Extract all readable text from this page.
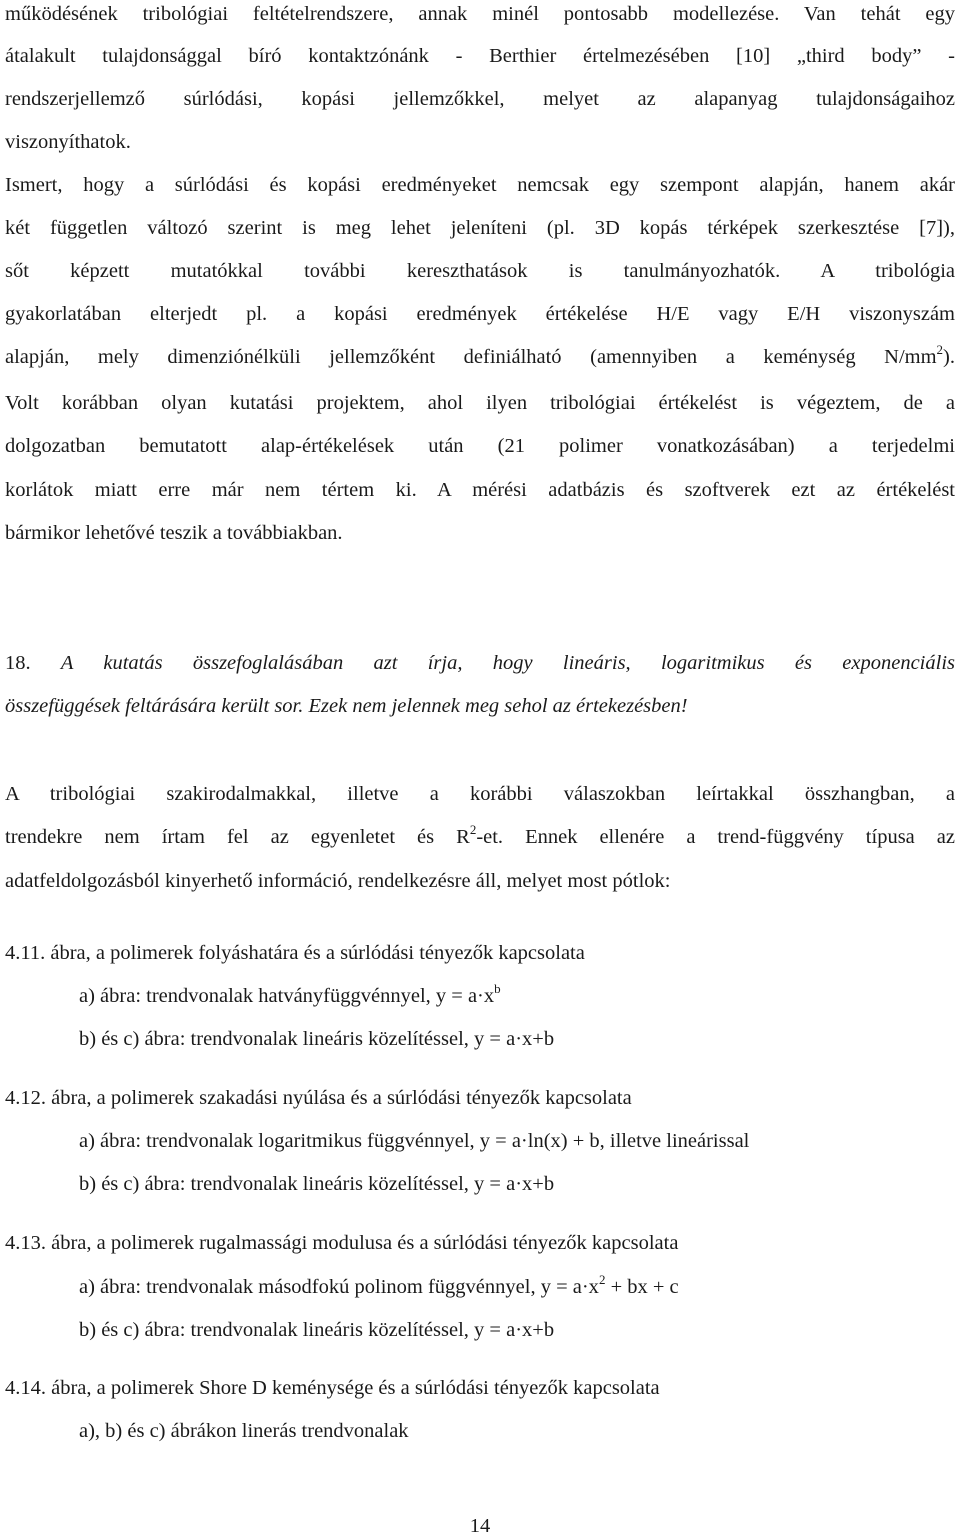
működésének tribológiai feltételrendszere, annak minél pontosabb modellezése. Van tehát egy
átalakult tulajdonsággal bíró kontaktzónánk - Berthier értelmezésében [10] „third body” -
rendszerjellemző súrlódási, kopási jellemzőkkel, melyet az alapanyag tulajdonságaihoz
viszonyíthatok.
Ismert, hogy a súrlódási és kopási eredményeket nemcsak egy szempont alapján, hanem akár
két független változó szerint is meg lehet jeleníteni (pl. 3D kopás térképek szerkesztése [7]),
sőt képzett mutatókkal további kereszthatások is tanulmányozhatók. A tribológia
gyakorlatában elterjedt pl. a kopási eredmények értékelése H/E vagy E/H viszonyszám
alapján, mely dimenziónélküli jellemzőként definiálható (amennyiben a keménység $N/mm^2$).
Volt korábban olyan kutatási projektem, ahol ilyen tribológiai értékelést is végeztem, de a
dolgozatban bemutatott alap-értékelések után (21 polimer vonatkozásában) a terjedelmi
korlátok miatt erre már nem tértem ki. A mérési adatbázis és szoftverek ezt az értékelést
bármikor lehetővé teszik a továbbiakban.
18. A kutatás összefoglalásában azt írja, hogy lineáris, logaritmikus és exponenciális
összefüggések feltárására került sor. Ezek nem jelennek meg sehol az értekezésben!
A tribológiai szakirodalmakkal, illetve a korábbi válaszokban leírtakkal összhangban, a
trendekre nem írtam fel az egyenletet és $R^2-et$. Ennek ellenére a trend-függvény típusa az
adatfeldolgozásból kinyerhető információ, rendelkezésre áll, melyet most pótlok:
4.11. ábra, a polimerek folyáshatára és a súrlódási tényezők kapcsolata
a) ábra: trendvonalak hatványfüggvénnyel, $y = a\cdot x^b$
b) és c) ábra: trendvonalak lineáris közelítéssel, y = a·x+b
4.12. ábra, a polimerek szakadási nyúlása és a súrlódási tényezők kapcsolata
a) ábra: trendvonalak logaritmikus függvénnyel, y = a·ln(x) + b, illetve lineárissal
b) és c) ábra: trendvonalak lineáris közelítéssel, y = a·x+b
4.13. ábra, a polimerek rugalmassági modulusa és a súrlódási tényezők kapcsolata
a) ábra: trendvonalak másodfokú polinom függvénnyel, $y = a\cdot x^2$ + bx + c
b) és c) ábra: trendvonalak lineáris közelítéssel, y = a·x+b
4.14. ábra, a polimerek Shore D keménysége és a súrlódási tényezők kapcsolata
a), b) és c) ábrákon linerás trendvonalak
14
